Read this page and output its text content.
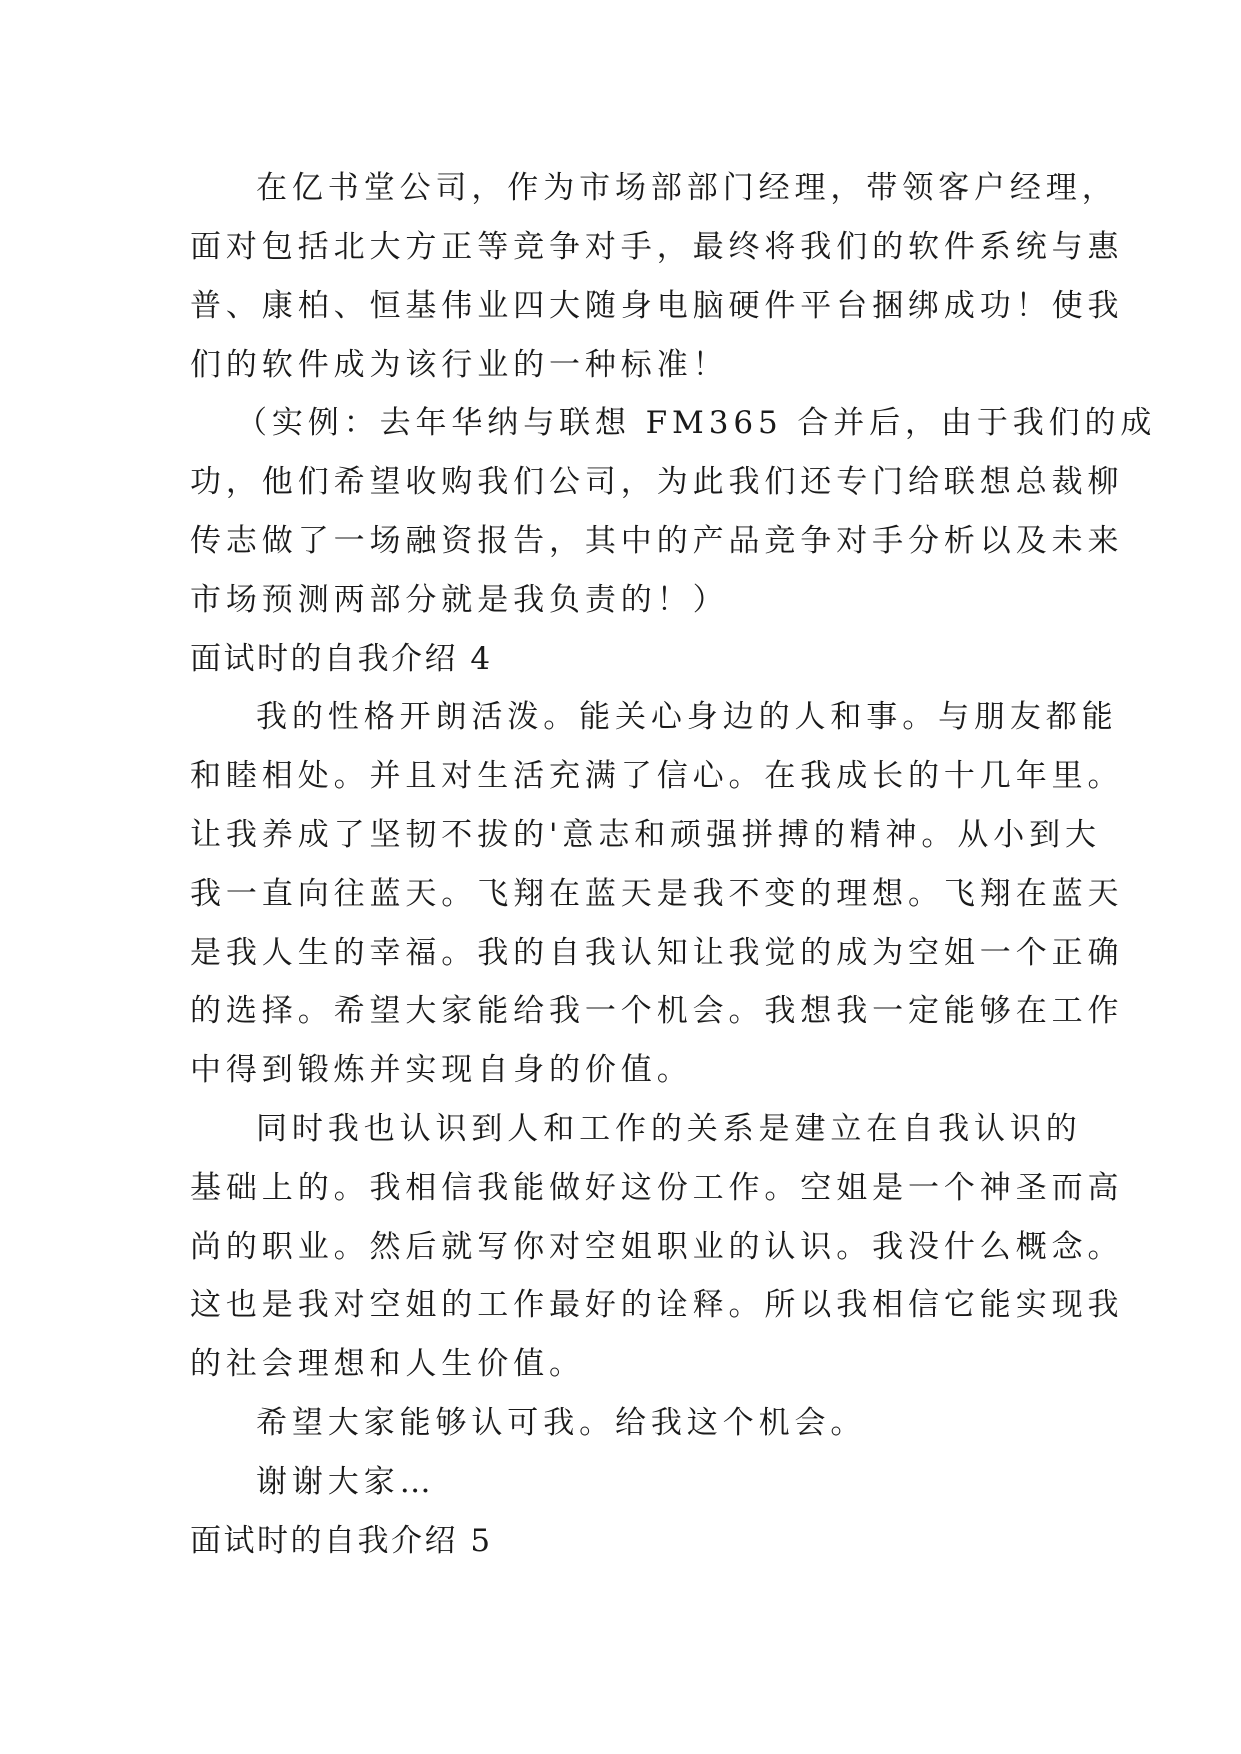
在亿书堂公司，作为市场部部门经理，带领客户经理，
面对包括北大方正等竞争对手，最终将我们的软件系统与惠
普、康柏、恒基伟业四大随身电脑硬件平台捆绑成功！使我
们的软件成为该行业的一种标准！
（实例：去年华纳与联想 FM365 合并后，由于我们的成
功，他们希望收购我们公司，为此我们还专门给联想总裁柳
传志做了一场融资报告，其中的产品竞争对手分析以及未来
市场预测两部分就是我负责的！）
面试时的自我介绍 4
我的性格开朗活泼。能关心身边的人和事。与朋友都能
和睦相处。并且对生活充满了信心。在我成长的十几年里。
让我养成了坚韧不拔的'意志和顽强拼搏的精神。从小到大
我一直向往蓝天。飞翔在蓝天是我不变的理想。飞翔在蓝天
是我人生的幸福。我的自我认知让我觉的成为空姐一个正确
的选择。希望大家能给我一个机会。我想我一定能够在工作
中得到锻炼并实现自身的价值。
同时我也认识到人和工作的关系是建立在自我认识的
基础上的。我相信我能做好这份工作。空姐是一个神圣而高
尚的职业。然后就写你对空姐职业的认识。我没什么概念。
这也是我对空姐的工作最好的诠释。所以我相信它能实现我
的社会理想和人生价值。
希望大家能够认可我。给我这个机会。
谢谢大家…
面试时的自我介绍 5
